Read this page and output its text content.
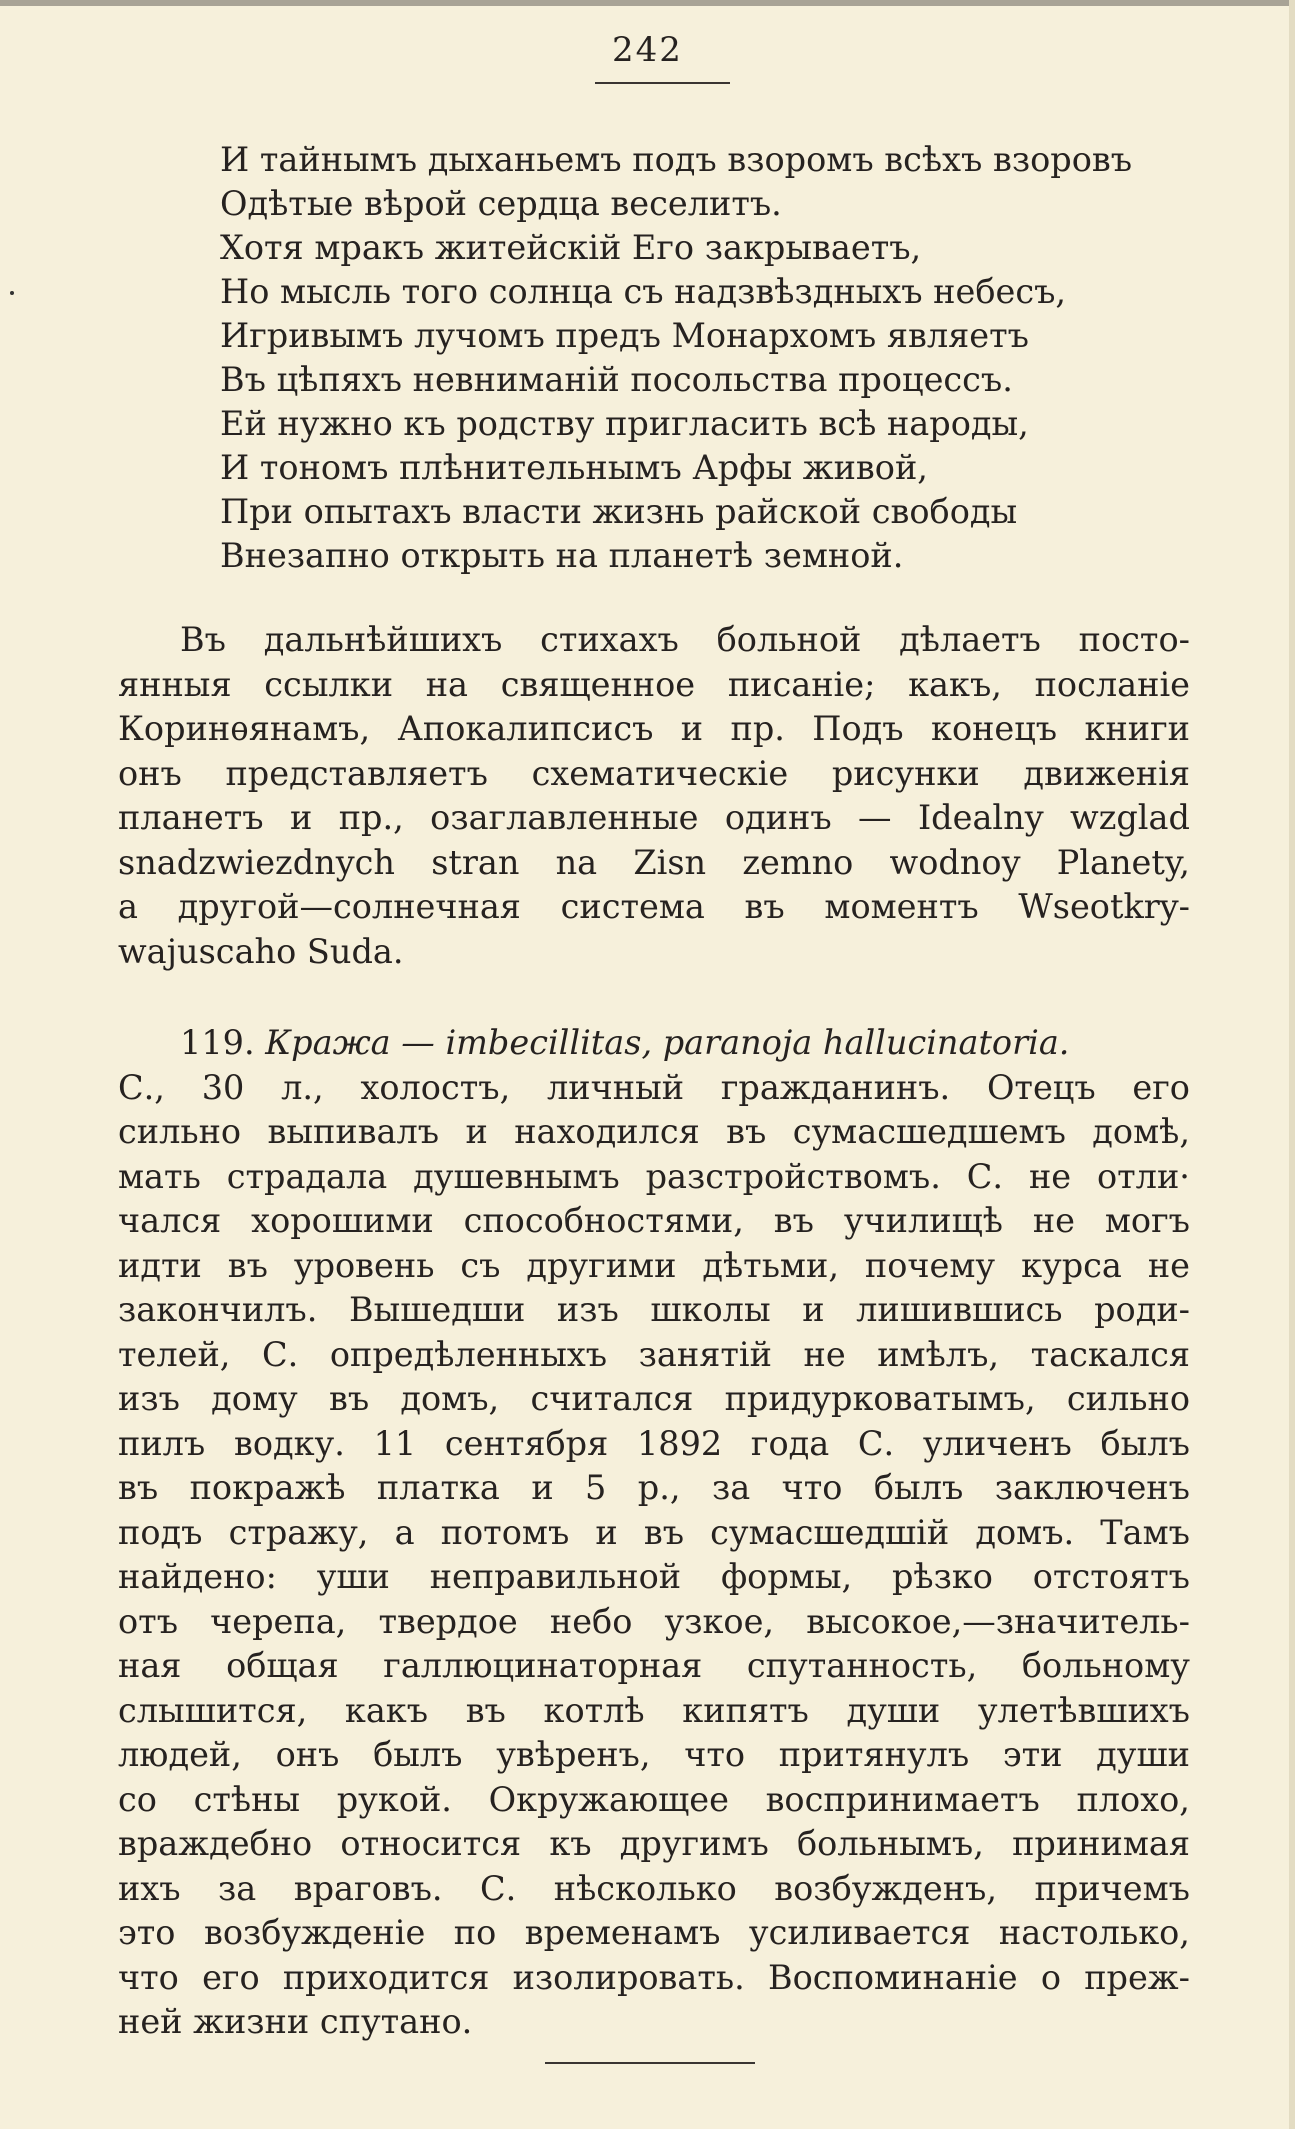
242
И тайнымъ дыханьемъ подъ взоромъ всѣхъ взоровъ
Одѣтые вѣрой сердца веселитъ.
Хотя мракъ житейскій Его закрываетъ,
Но мысль того солнца съ надзвѣздныхъ небесъ,
Игривымъ лучомъ предъ Монархомъ являетъ
Въ цѣпяхъ невниманій посольства процессъ.
Ей нужно къ родству пригласить всѣ народы,
И тономъ плѣнительнымъ Арфы живой,
При опытахъ власти жизнь райской свободы
Внезапно открыть на планетѣ земной.
Въ дальнѣйшихъ стихахъ больной дѣлаетъ посто-
янныя ссылки на священное писаніе; какъ, посланіе
Коринѳянамъ, Апокалипсисъ и пр. Подъ конецъ книги
онъ представляетъ схематическіе рисунки движенія
планетъ и пр., озаглавленные одинъ — Idealny wzglad
snadzwiezdnych stran na Zisn zemno wodnoy Planety,
а другой—солнечная система въ моментъ Wseotkry-
wajuscaho Suda.
119.
Кража — imbecillitas, paranoja hallucinatoria.
С., 30 л., холостъ, личный гражданинъ. Отецъ его
сильно выпивалъ и находился въ сумасшедшемъ домѣ,
мать страдала душевнымъ разстройствомъ. С. не отли·
чался хорошими способностями, въ училищѣ не могъ
идти въ уровень съ другими дѣтьми, почему курса не
закончилъ. Вышедши изъ школы и лишившись роди-
телей, С. опредѣленныхъ занятій не имѣлъ, таскался
изъ дому въ домъ, считался придурковатымъ, сильно
пилъ водку. 11 сентября 1892 года С. уличенъ былъ
въ покражѣ платка и 5 р., за что былъ заключенъ
подъ стражу, а потомъ и въ сумасшедшій домъ. Тамъ
найдено: уши неправильной формы, рѣзко отстоятъ
отъ черепа, твердое небо узкое, высокое,—значитель-
ная общая галлюцинаторная спутанность, больному
слышится, какъ въ котлѣ кипятъ души улетѣвшихъ
людей, онъ былъ увѣренъ, что притянулъ эти души
со стѣны рукой. Окружающее воспринимаетъ плохо,
враждебно относится къ другимъ больнымъ, принимая
ихъ за враговъ. С. нѣсколько возбужденъ, причемъ
это возбужденіе по временамъ усиливается настолько,
что его приходится изолировать. Воспоминаніе о преж-
ней жизни спутано.
